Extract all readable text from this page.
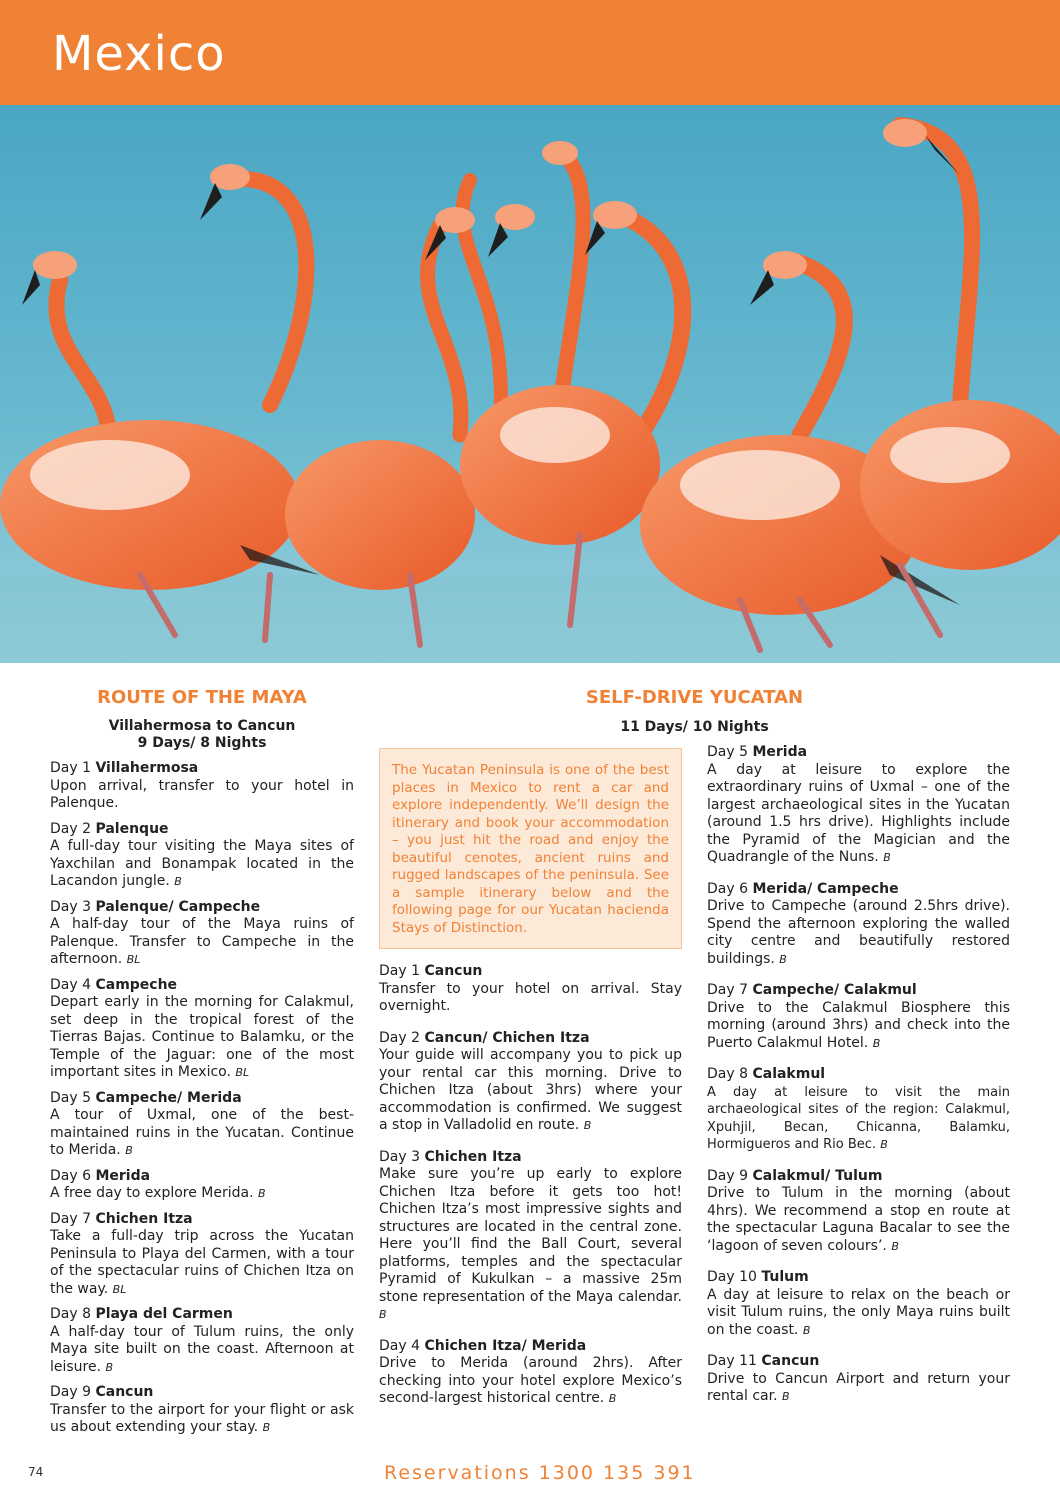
Mexico
ROUTE OF THE MAYA
Villahermosa to Cancun
9 Days/ 8 Nights
Day 1 Villahermosa
Upon arrival, transfer to your hotel in Palenque.
Day 2 Palenque
A full-day tour visiting the Maya sites of Yaxchilan and Bonampak located in the Lacandon jungle. B
Day 3 Palenque/ Campeche
A half-day tour of the Maya ruins of Palenque. Transfer to Campeche in the afternoon. BL
Day 4 Campeche
Depart early in the morning for Calakmul, set deep in the tropical forest of the Tierras Bajas. Continue to Balamku, or the Temple of the Jaguar: one of the most important sites in Mexico. BL
Day 5 Campeche/ Merida
A tour of Uxmal, one of the best-maintained ruins in the Yucatan. Continue to Merida. B
Day 6 Merida
A free day to explore Merida. B
Day 7 Chichen Itza
Take a full-day trip across the Yucatan Peninsula to Playa del Carmen, with a tour of the spectacular ruins of Chichen Itza on the way. BL
Day 8 Playa del Carmen
A half-day tour of Tulum ruins, the only Maya site built on the coast. Afternoon at leisure. B
Day 9 Cancun
Transfer to the airport for your flight or ask us about extending your stay. B
SELF-DRIVE YUCATAN
11 Days/ 10 Nights
The Yucatan Peninsula is one of the best places in Mexico to rent a car and explore independently. We’ll design the itinerary and book your accommodation – you just hit the road and enjoy the beautiful cenotes, ancient ruins and rugged landscapes of the peninsula. See a sample itinerary below and the following page for our Yucatan hacienda Stays of Distinction.
Day 1 Cancun
Transfer to your hotel on arrival. Stay overnight.
Day 2 Cancun/ Chichen Itza
Your guide will accompany you to pick up your rental car this morning. Drive to Chichen Itza (about 3hrs) where your accommodation is confirmed. We suggest a stop in Valladolid en route. B
Day 3 Chichen Itza
Make sure you’re up early to explore Chichen Itza before it gets too hot! Chichen Itza’s most impressive sights and structures are located in the central zone. Here you’ll find the Ball Court, several platforms, temples and the spectacular Pyramid of Kukulkan – a massive 25m stone representation of the Maya calendar. B
Day 4 Chichen Itza/ Merida
Drive to Merida (around 2hrs). After checking into your hotel explore Mexico’s second-largest historical centre. B
Day 5 Merida
A day at leisure to explore the extraordinary ruins of Uxmal – one of the largest archaeological sites in the Yucatan (around 1.5 hrs drive). Highlights include the Pyramid of the Magician and the Quadrangle of the Nuns. B
Day 6 Merida/ Campeche
Drive to Campeche (around 2.5hrs drive). Spend the afternoon exploring the walled city centre and beautifully restored buildings. B
Day 7 Campeche/ Calakmul
Drive to the Calakmul Biosphere this morning (around 3hrs) and check into the Puerto Calakmul Hotel. B
Day 8 Calakmul
A day at leisure to visit the main archaeological sites of the region: Calakmul, Xpuhjil, Becan, Chicanna, Balamku, Hormigueros and Rio Bec. B
Day 9 Calakmul/ Tulum
Drive to Tulum in the morning (about 4hrs). We recommend a stop en route at the spectacular Laguna Bacalar to see the ‘lagoon of seven colours’. B
Day 10 Tulum
A day at leisure to relax on the beach or visit Tulum ruins, the only Maya ruins built on the coast. B
Day 11 Cancun
Drive to Cancun Airport and return your rental car. B
74	Reservations 1300 135 391
